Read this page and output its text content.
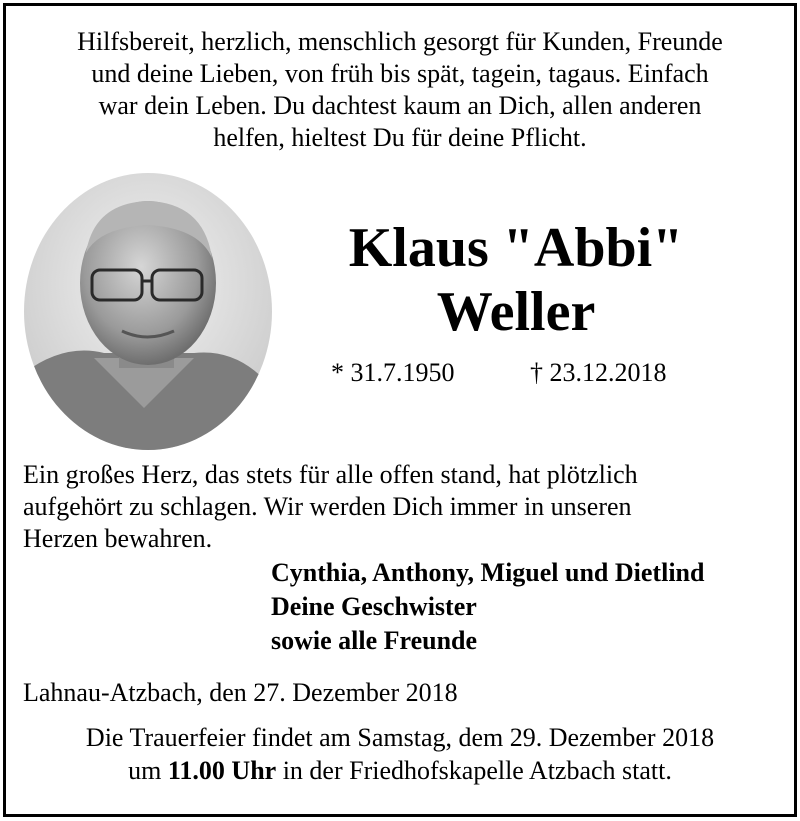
Hilfsbereit, herzlich, menschlich gesorgt für Kunden, Freunde
und deine Lieben, von früh bis spät, tagein, tagaus. Einfach
war dein Leben. Du dachtest kaum an Dich, allen anderen
helfen, hieltest Du für deine Pflicht.
Klaus "Abbi"
Weller
* 31.7.1950	† 23.12.2018
Ein großes Herz, das stets für alle offen stand, hat plötzlich
aufgehört zu schlagen. Wir werden Dich immer in unseren
Herzen bewahren.
Cynthia, Anthony, Miguel und Dietlind
Deine Geschwister
sowie alle Freunde
Lahnau-Atzbach, den 27. Dezember 2018
Die Trauerfeier findet am Samstag, dem 29. Dezember 2018
um 11.00 Uhr in der Friedhofskapelle Atzbach statt.
